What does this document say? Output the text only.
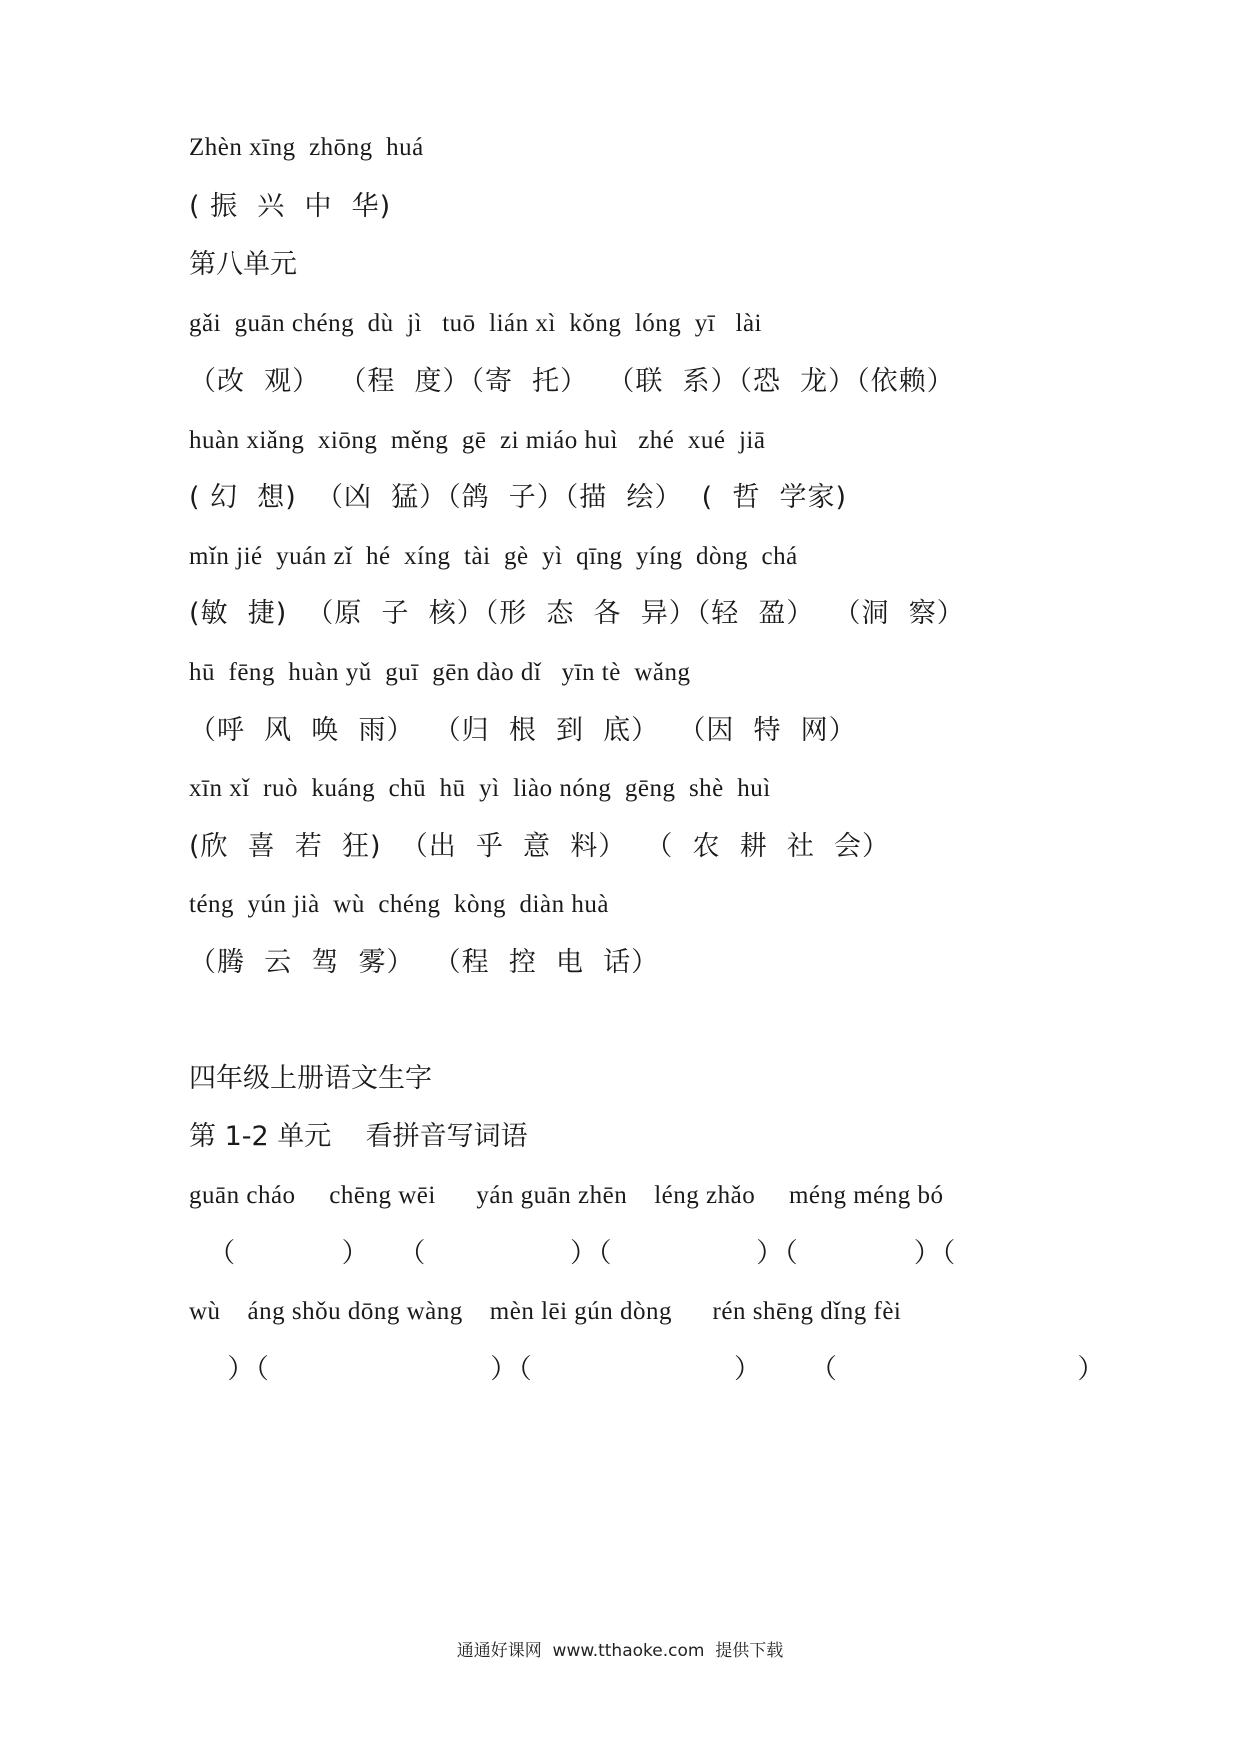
Zhèn xīng  zhōng  huá
( 振  兴  中  华)
第八单元
gǎi  guān chéng  dù  jì   tuō  lián xì  kǒng  lóng  yī   lài
（改  观）  （程  度）（寄  托）  （联  系）（恐  龙）（依赖）
huàn xiǎng  xiōng  měng  gē  zi miáo huì   zhé  xué  jiā
( 幻  想)  （凶  猛）（鸽  子）（描  绘）  (  哲  学家)
mǐn jié  yuán zǐ  hé  xíng  tài  gè  yì  qīng  yíng  dòng  chá
(敏  捷)  （原  子  核）（形  态  各  异）（轻  盈）  （洞  察）
hū  fēng  huàn yǔ  guī  gēn dào dǐ   yīn tè  wǎng
（呼  风  唤  雨）  （归  根  到  底）  （因  特  网）
xīn xǐ  ruò  kuáng  chū  hū  yì  liào nóng  gēng  shè  huì
(欣  喜  若  狂)  （出  乎  意  料）  （  农  耕  社  会）
téng  yún jià  wù  chéng  kòng  diàn huà
（腾  云  驾  雾）  （程  控  电  话）
四年级上册语文生字
第 1-2 单元    看拼音写词语
guān cháo     chēng wēi      yán guān zhēn    léng zhǎo     méng méng bó
（           ）   （               ）（               ）（            ）（
wù    áng shǒu dōng wàng    mèn lēi gún dòng      rén shēng dǐng fèi
）（                       ）（                     ）     （                         ）
通通好课网  www.tthaoke.com  提供下载
